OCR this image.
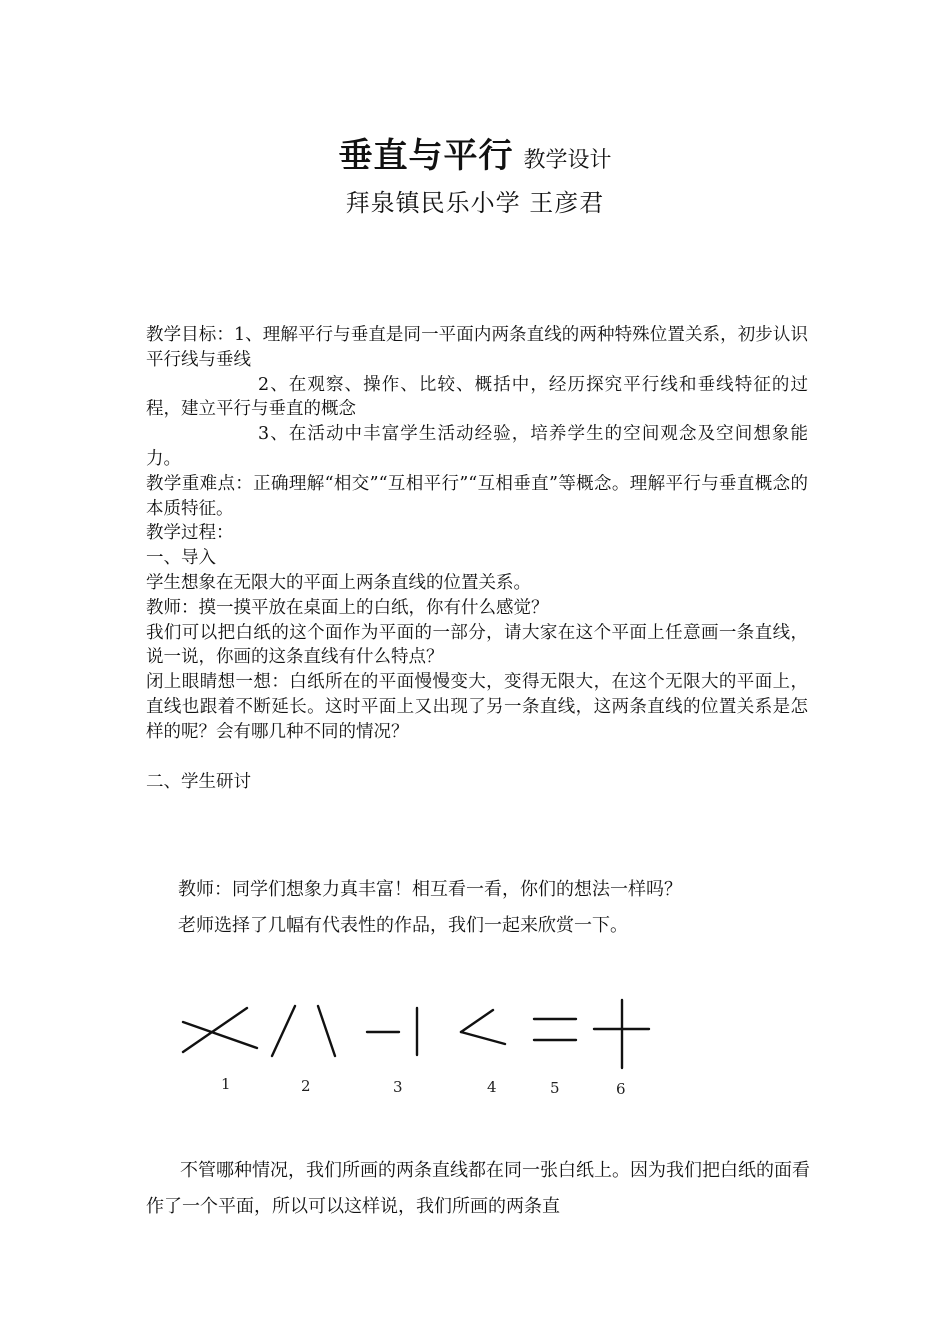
垂直与平行 教学设计
拜泉镇民乐小学 王彦君

教学目标：1、理解平行与垂直是同一平面内两条直线的两种特殊位置关系，初步认识平行线与垂线

2、在观察、操作、比较、概括中，经历探究平行线和垂线特征的过程，建立平行与垂直的概念

3、在活动中丰富学生活动经验，培养学生的空间观念及空间想象能力。

教学重难点：正确理解“相交”“互相平行”“互相垂直”等概念。理解平行与垂直概念的本质特征。

教学过程：

一、导入

学生想象在无限大的平面上两条直线的位置关系。

教师：摸一摸平放在桌面上的白纸，你有什么感觉？

我们可以把白纸的这个面作为平面的一部分，请大家在这个平面上任意画一条直线，说一说，你画的这条直线有什么特点？

闭上眼睛想一想：白纸所在的平面慢慢变大，变得无限大，在这个无限大的平面上，直线也跟着不断延长。这时平面上又出现了另一条直线，这两条直线的位置关系是怎样的呢？会有哪几种不同的情况？

二、学生研讨

教师：同学们想象力真丰富！相互看一看，你们的想法一样吗？

老师选择了几幅有代表性的作品，我们一起来欣赏一下。

1	2	3	4	5	6

不管哪种情况，我们所画的两条直线都在同一张白纸上。因为我们把白纸的面看作了一个平面，所以可以这样说，我们所画的两条直
